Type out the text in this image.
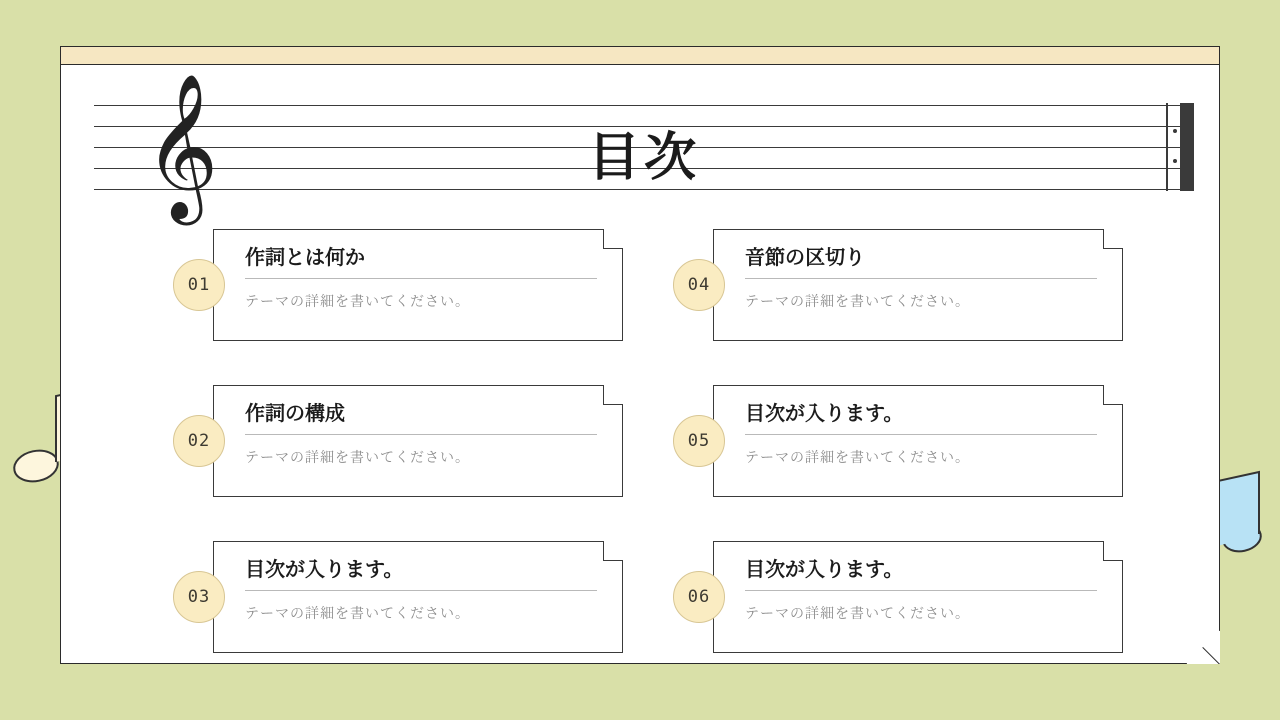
𝄞	目次
01
作詞とは何か
テーマの詳細を書いてください。
04
音節の区切り
テーマの詳細を書いてください。
02
作詞の構成
テーマの詳細を書いてください。
05
目次が入ります。
テーマの詳細を書いてください。
03
目次が入ります。
テーマの詳細を書いてください。
06
目次が入ります。
テーマの詳細を書いてください。
